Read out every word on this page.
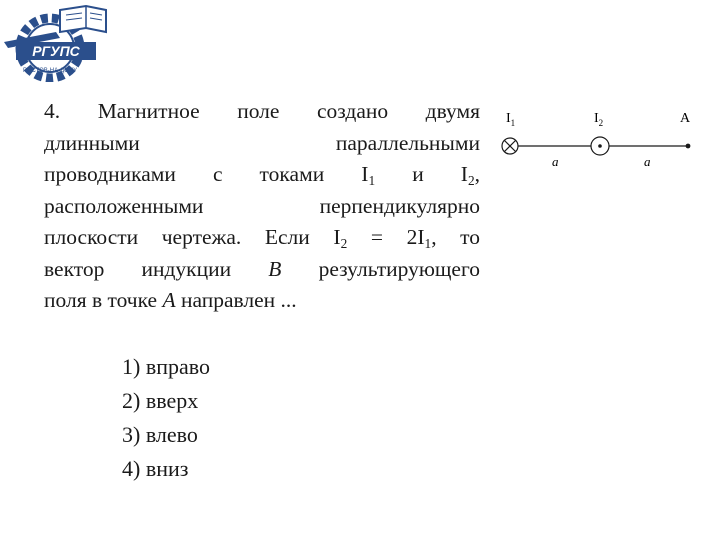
РГУПС
РОСТОВ-НА-ДОНУ
4. Магнитное поле создано двумя
длинными	параллельными
проводниками с токами $I_1$ и $I_2$,
расположенными	перпендикулярно
плоскости чертежа. Если $I_2 = 2I_1$, то
вектор индукции B результирующего
поля в точке A направлен ...
$I_1$	$I_2$	A
a	a
1) вправо
2) вверх
3) влево
4) вниз
